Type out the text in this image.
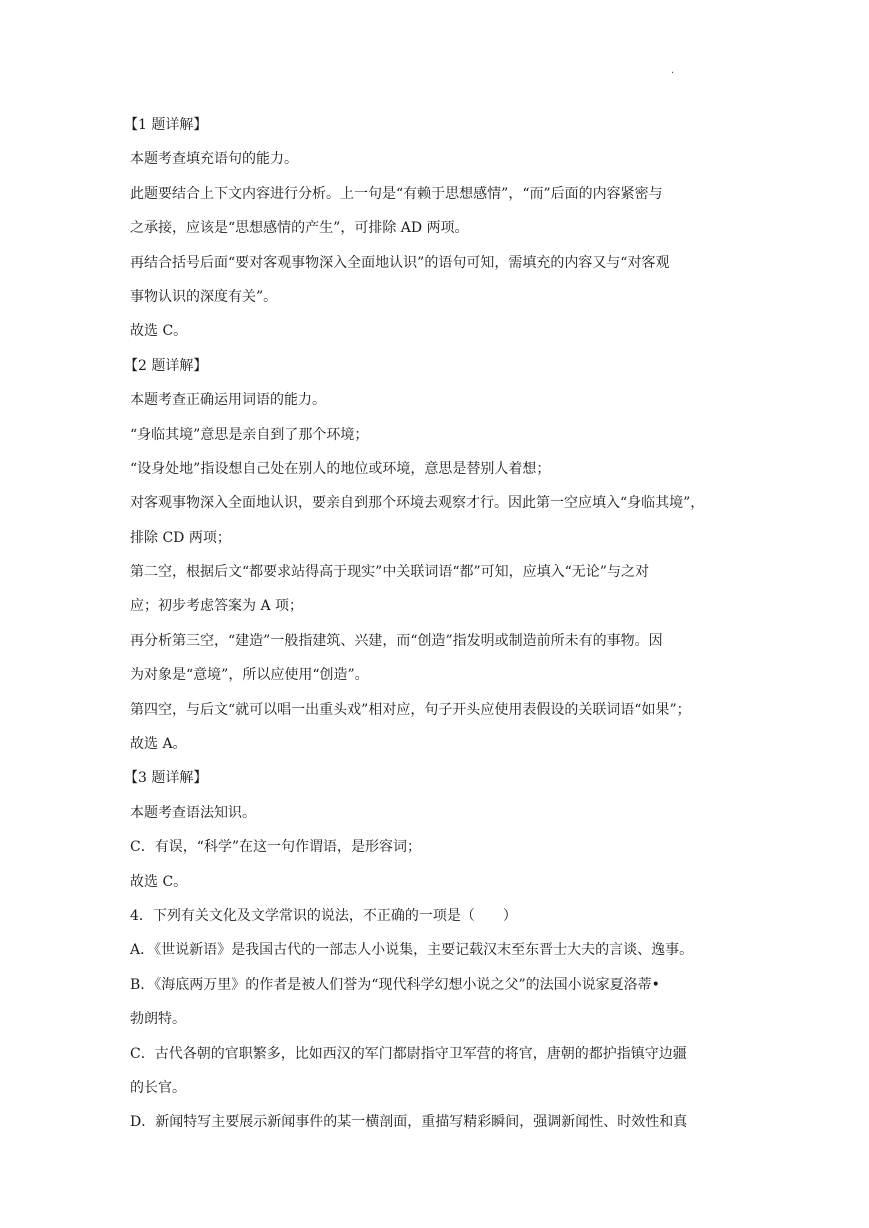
.
【1 题详解】
本题考查填充语句的能力。
此题要结合上下文内容进行分析。上一句是“有赖于思想感情”，“而”后面的内容紧密与
之承接，应该是“思想感情的产生”，可排除 AD 两项。
再结合括号后面“要对客观事物深入全面地认识”的语句可知，需填充的内容又与“对客观
事物认识的深度有关”。
故选 C。
【2 题详解】
本题考查正确运用词语的能力。
“身临其境”意思是亲自到了那个环境；
“设身处地”指设想自己处在别人的地位或环境，意思是替别人着想；
对客观事物深入全面地认识，要亲自到那个环境去观察才行。因此第一空应填入“身临其境”，
排除 CD 两项；
第二空，根据后文“都要求站得高于现实”中关联词语“都”可知，应填入“无论”与之对
应；初步考虑答案为 A 项；
再分析第三空，“建造”一般指建筑、兴建，而“创造”指发明或制造前所未有的事物。因
为对象是“意境”，所以应使用“创造”。
第四空，与后文“就可以唱一出重头戏”相对应，句子开头应使用表假设的关联词语“如果”；
故选 A。
【3 题详解】
本题考查语法知识。
C．有误，“科学”在这一句作谓语，是形容词；
故选 C。
4．下列有关文化及文学常识的说法，不正确的一项是（　　）
A．《世说新语》是我国古代的一部志人小说集，主要记载汉末至东晋士大夫的言谈、逸事。
B．《海底两万里》的作者是被人们誉为“现代科学幻想小说之父”的法国小说家夏洛蒂•
勃朗特。
C．古代各朝的官职繁多，比如西汉的军门都尉指守卫军营的将官，唐朝的都护指镇守边疆
的长官。
D．新闻特写主要展示新闻事件的某一横剖面，重描写精彩瞬间，强调新闻性、时效性和真
